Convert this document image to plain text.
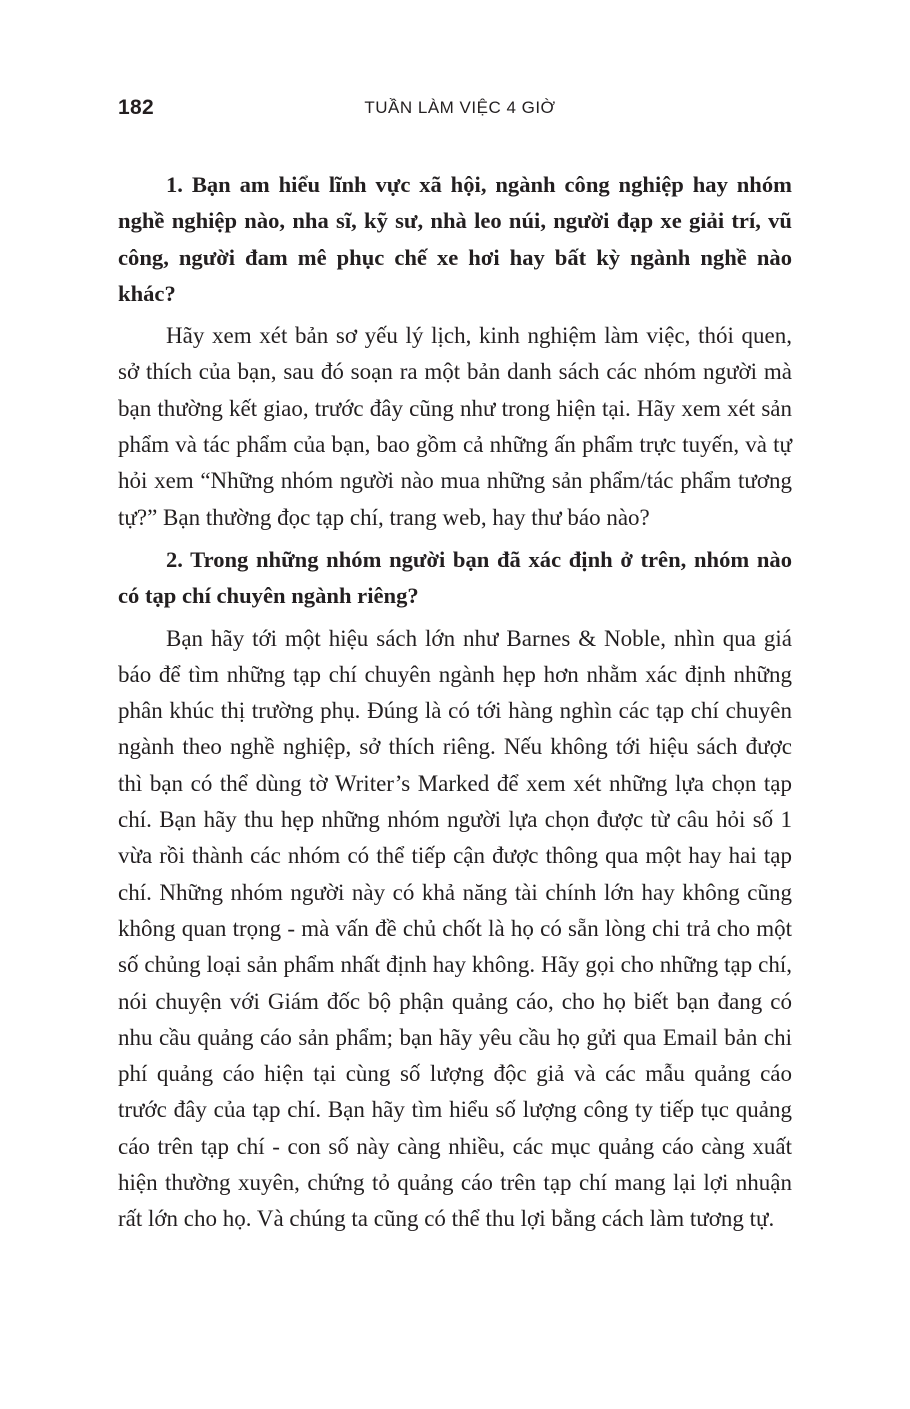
182	TUẦN LÀM VIỆC 4 GIỜ

1. Bạn am hiểu lĩnh vực xã hội, ngành công nghiệp hay nhóm nghề nghiệp nào, nha sĩ, kỹ sư, nhà leo núi, người đạp xe giải trí, vũ công, người đam mê phục chế xe hơi hay bất kỳ ngành nghề nào khác?

Hãy xem xét bản sơ yếu lý lịch, kinh nghiệm làm việc, thói quen, sở thích của bạn, sau đó soạn ra một bản danh sách các nhóm người mà bạn thường kết giao, trước đây cũng như trong hiện tại. Hãy xem xét sản phẩm và tác phẩm của bạn, bao gồm cả những ấn phẩm trực tuyến, và tự hỏi xem “Những nhóm người nào mua những sản phẩm/tác phẩm tương tự?” Bạn thường đọc tạp chí, trang web, hay thư báo nào?

2. Trong những nhóm người bạn đã xác định ở trên, nhóm nào có tạp chí chuyên ngành riêng?

Bạn hãy tới một hiệu sách lớn như Barnes & Noble, nhìn qua giá báo để tìm những tạp chí chuyên ngành hẹp hơn nhằm xác định những phân khúc thị trường phụ. Đúng là có tới hàng nghìn các tạp chí chuyên ngành theo nghề nghiệp, sở thích riêng. Nếu không tới hiệu sách được thì bạn có thể dùng tờ Writer’s Marked để xem xét những lựa chọn tạp chí. Bạn hãy thu hẹp những nhóm người lựa chọn được từ câu hỏi số 1 vừa rồi thành các nhóm có thể tiếp cận được thông qua một hay hai tạp chí. Những nhóm người này có khả năng tài chính lớn hay không cũng không quan trọng - mà vấn đề chủ chốt là họ có sẵn lòng chi trả cho một số chủng loại sản phẩm nhất định hay không. Hãy gọi cho những tạp chí, nói chuyện với Giám đốc bộ phận quảng cáo, cho họ biết bạn đang có nhu cầu quảng cáo sản phẩm; bạn hãy yêu cầu họ gửi qua Email bản chi phí quảng cáo hiện tại cùng số lượng độc giả và các mẫu quảng cáo trước đây của tạp chí. Bạn hãy tìm hiểu số lượng công ty tiếp tục quảng cáo trên tạp chí - con số này càng nhiều, các mục quảng cáo càng xuất hiện thường xuyên, chứng tỏ quảng cáo trên tạp chí mang lại lợi nhuận rất lớn cho họ. Và chúng ta cũng có thể thu lợi bằng cách làm tương tự.
